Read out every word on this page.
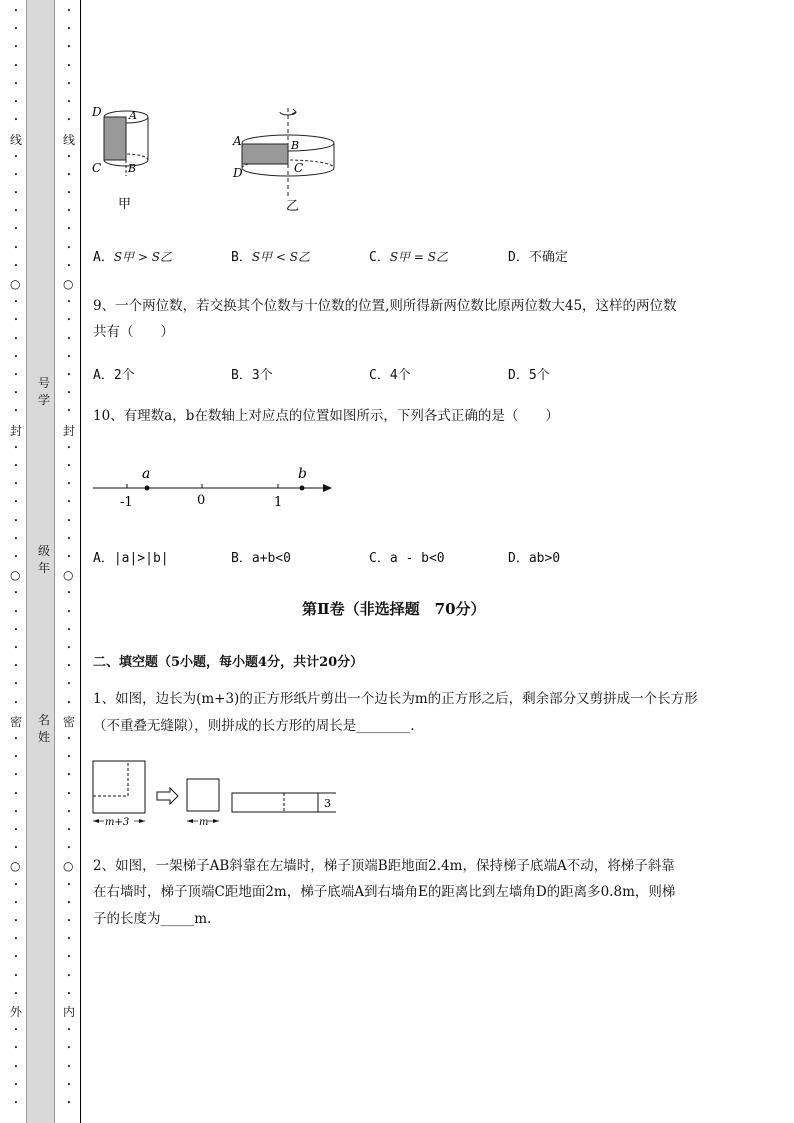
•
•
•
•
•
•
•
•
•
•
•
•
•
•
•
•
•
•
•
•
•
•
•
•
•
•
•
•
•
•
•
•
•
•
•
•
•
•
•
•
•
•
•
•
•
•
•
•
•
•
•
•
•
•
•
•
•
•
•
•
•
•
•
•
•
•
•
•
•
•
•
•
•
•
•
•
•
•
•
•
•
•
•
•
•
•
•
•
•
•
•
•
•
•
•
•
•
•
•
•
•
•
•
•
•
•
•
•
线
封
密
外
○
○
○
线
封
密
内
○
○
○
号学
级年
名姓
D A
C B
甲
A	B
D	C
乙
A．S甲 > S乙	B．S甲 < S乙	C．S甲 = S乙	D．不确定
9、一个两位数，若交换其个位数与十位数的位置,则所得新两位数比原两位数大45，这样的两位数
共有（　　）
A．2个	B．3个	C．4个	D．5个
10、有理数a，b在数轴上对应点的位置如图所示，下列各式正确的是（　　）
a	b
-1	0	1
A．|a|>|b|	B．a+b<0	C．a - b<0	D．ab>0
第Ⅱ卷（非选择题　70分）
二、填空题（5小题，每小题4分，共计20分）
1、如图，边长为(m+3)的正方形纸片剪出一个边长为m的正方形之后，剩余部分又剪拼成一个长方形
（不重叠无缝隙），则拼成的长方形的周长是________.
m+3	m
3
2、如图，一架梯子AB斜靠在左墙时，梯子顶端B距地面2.4m，保持梯子底端A不动，将梯子斜靠
在右墙时，梯子顶端C距地面2m，梯子底端A到右墙角E的距离比到左墙角D的距离多0.8m，则梯
子的长度为_____m.
